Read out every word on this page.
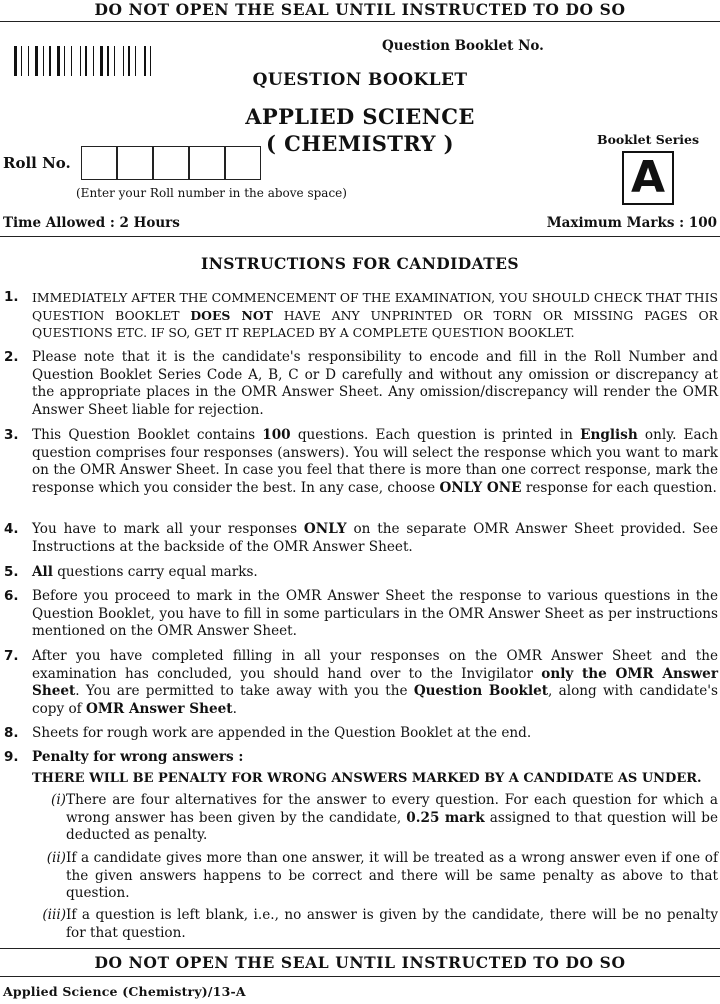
DO NOT OPEN THE SEAL UNTIL INSTRUCTED TO DO SO
Question Booklet No.
QUESTION BOOKLET
APPLIED SCIENCE
( CHEMISTRY )	Booklet Series
A
Roll No.
(Enter your Roll number in the above space)
Time Allowed : 2 Hours	Maximum Marks : 100
INSTRUCTIONS FOR CANDIDATES
1. IMMEDIATELY AFTER THE COMMENCEMENT OF THE EXAMINATION, YOU SHOULD CHECK THAT THIS QUESTION BOOKLET DOES NOT HAVE ANY UNPRINTED OR TORN OR MISSING PAGES OR QUESTIONS ETC. IF SO, GET IT REPLACED BY A COMPLETE QUESTION BOOKLET.
2. Please note that it is the candidate's responsibility to encode and fill in the Roll Number and Question Booklet Series Code A, B, C or D carefully and without any omission or discrepancy at the appropriate places in the OMR Answer Sheet. Any omission/discrepancy will render the OMR Answer Sheet liable for rejection.
3. This Question Booklet contains 100 questions. Each question is printed in English only. Each question comprises four responses (answers). You will select the response which you want to mark on the OMR Answer Sheet. In case you feel that there is more than one correct response, mark the response which you consider the best. In any case, choose ONLY ONE response for each question.
4. You have to mark all your responses ONLY on the separate OMR Answer Sheet provided. See Instructions at the backside of the OMR Answer Sheet.
5. All questions carry equal marks.
6. Before you proceed to mark in the OMR Answer Sheet the response to various questions in the Question Booklet, you have to fill in some particulars in the OMR Answer Sheet as per instructions mentioned on the OMR Answer Sheet.
7. After you have completed filling in all your responses on the OMR Answer Sheet and the examination has concluded, you should hand over to the Invigilator only the OMR Answer Sheet. You are permitted to take away with you the Question Booklet, along with candidate's copy of OMR Answer Sheet.
8. Sheets for rough work are appended in the Question Booklet at the end.
9. Penalty for wrong answers :
THERE WILL BE PENALTY FOR WRONG ANSWERS MARKED BY A CANDIDATE AS UNDER.
(i) There are four alternatives for the answer to every question. For each question for which a wrong answer has been given by the candidate, 0.25 mark assigned to that question will be deducted as penalty.
(ii) If a candidate gives more than one answer, it will be treated as a wrong answer even if one of the given answers happens to be correct and there will be same penalty as above to that question.
(iii) If a question is left blank, i.e., no answer is given by the candidate, there will be no penalty for that question.
DO NOT OPEN THE SEAL UNTIL INSTRUCTED TO DO SO
Applied Science (Chemistry)/13-A
